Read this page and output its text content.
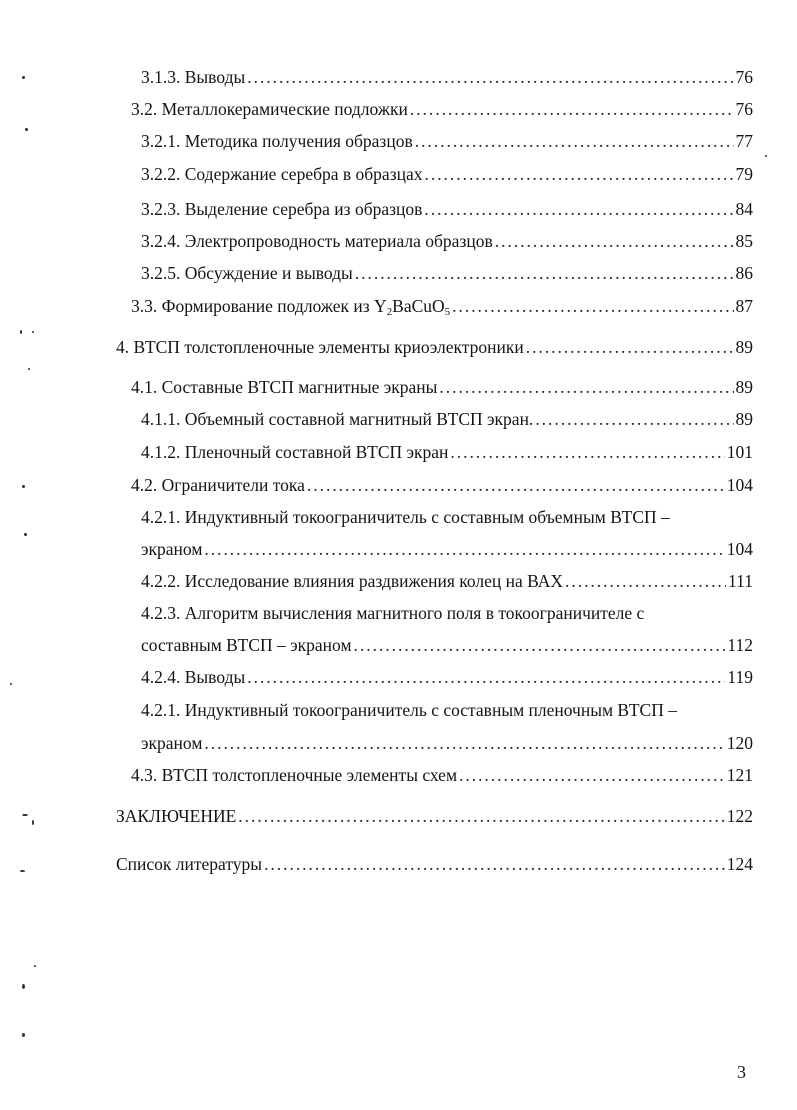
3.1.3. Выводы . . .	76
3.2. Металлокерамические подложки . . .	76
3.2.1. Методика получения образцов . . .	77
3.2.2. Содержание серебра в образцах . . .	79
3.2.3. Выделение серебра из образцов . . .	84
3.2.4. Электропроводность материала образцов . . .	85
3.2.5. Обсуждение и выводы . . .	86
3.3. Формирование подложек из $Y_2BaCuO_5$ . . .	87
4. ВТСП толстопленочные элементы криоэлектроники . . .	89
4.1. Составные ВТСП магнитные экраны . . .	89
4.1.1. Объемный составной магнитный ВТСП экран. . . .	89
4.1.2. Пленочный составной ВТСП экран . . .	101
4.2. Ограничители тока . . .	104
4.2.1. Индуктивный токоограничитель с составным объемным ВТСП –
экраном . . .	104
4.2.2. Исследование влияния раздвижения колец на ВАХ . . .	111
4.2.3. Алгоритм вычисления магнитного поля в токоограничителе с
составным ВТСП – экраном . . .	112
4.2.4. Выводы . . .	119
4.2.1. Индуктивный токоограничитель с составным пленочным ВТСП –
экраном . . .	120
4.3. ВТСП толстопленочные элементы схем . . .	121
ЗАКЛЮЧЕНИЕ . . .	122
Список литературы . . .	124
3
